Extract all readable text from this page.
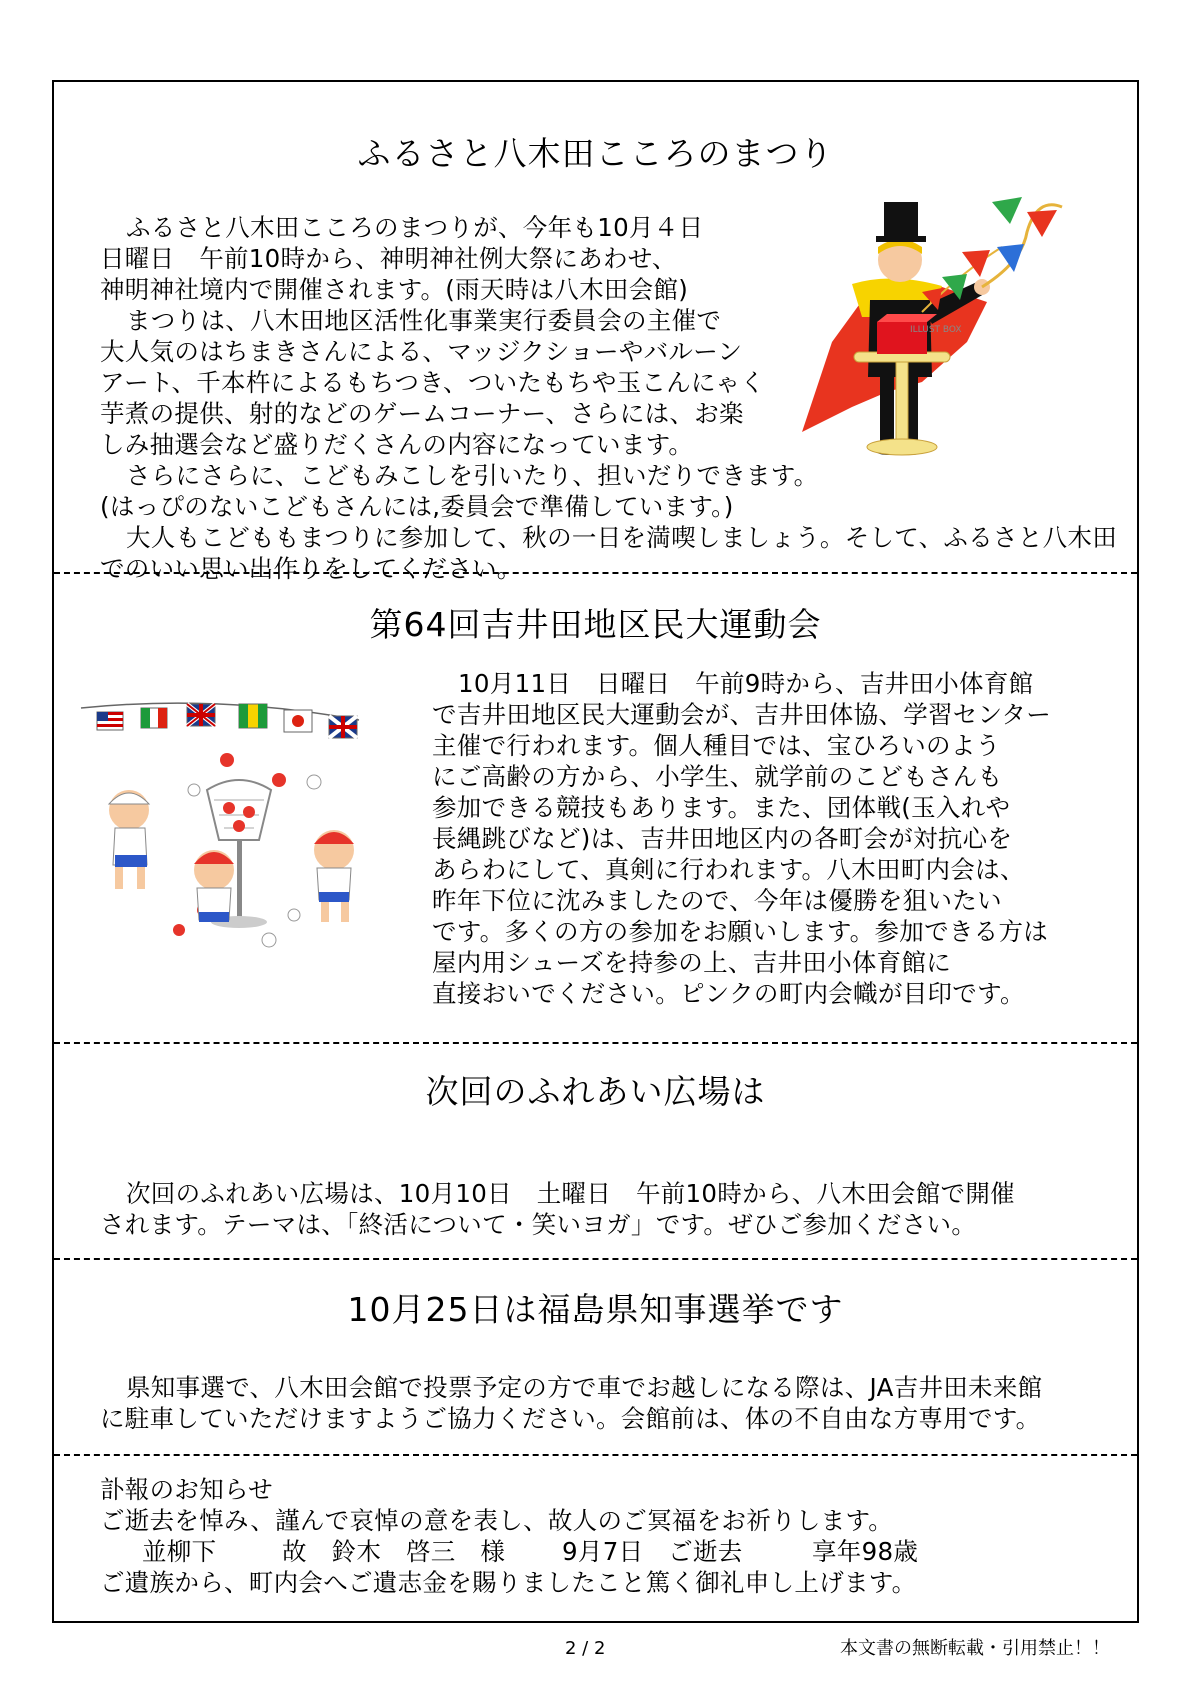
ふるさと八木田こころのまつり
ふるさと八木田こころのまつりが、今年も10月４日
日曜日　午前10時から、神明神社例大祭にあわせ、
神明神社境内で開催されます。(雨天時は八木田会館)
まつりは、八木田地区活性化事業実行委員会の主催で
大人気のはちまきさんによる、マッジクショーやバルーン
アート、千本杵によるもちつき、ついたもちや玉こんにゃく
芋煮の提供、射的などのゲームコーナー、さらには、お楽
しみ抽選会など盛りだくさんの内容になっています。
さらにさらに、こどもみこしを引いたり、担いだりできます。
(はっぴのないこどもさんには,委員会で準備しています。)
大人もこどももまつりに参加して、秋の一日を満喫しましょう。そして、ふるさと八木田
でのいい思い出作りをしてください。
ILLUST BOX
第64回吉井田地区民大運動会
10月11日　日曜日　午前9時から、吉井田小体育館
で吉井田地区民大運動会が、吉井田体協、学習センター
主催で行われます。個人種目では、宝ひろいのよう
にご高齢の方から、小学生、就学前のこどもさんも
参加できる競技もあります。また、団体戦(玉入れや
長縄跳びなど)は、吉井田地区内の各町会が対抗心を
あらわにして、真剣に行われます。八木田町内会は、
昨年下位に沈みましたので、今年は優勝を狙いたい
です。多くの方の参加をお願いします。参加できる方は
屋内用シューズを持参の上、吉井田小体育館に
直接おいでください。ピンクの町内会幟が目印です。
次回のふれあい広場は
次回のふれあい広場は、10月10日　土曜日　午前10時から、八木田会館で開催
されます。テーマは、「終活について・笑いヨガ」です。ぜひご参加ください。
10月25日は福島県知事選挙です
県知事選で、八木田会館で投票予定の方で車でお越しになる際は、JA吉井田未来館
に駐車していただけますようご協力ください。会館前は、体の不自由な方専用です。
訃報のお知らせ
ご逝去を悼み、謹んで哀悼の意を表し、故人のご冥福をお祈りします。
並柳下	故　鈴木　啓三　様 9月7日　ご逝去	享年98歳
ご遺族から、町内会へご遺志金を賜りましたこと篤く御礼申し上げます。
2 / 2	本文書の無断転載・引用禁止！！
